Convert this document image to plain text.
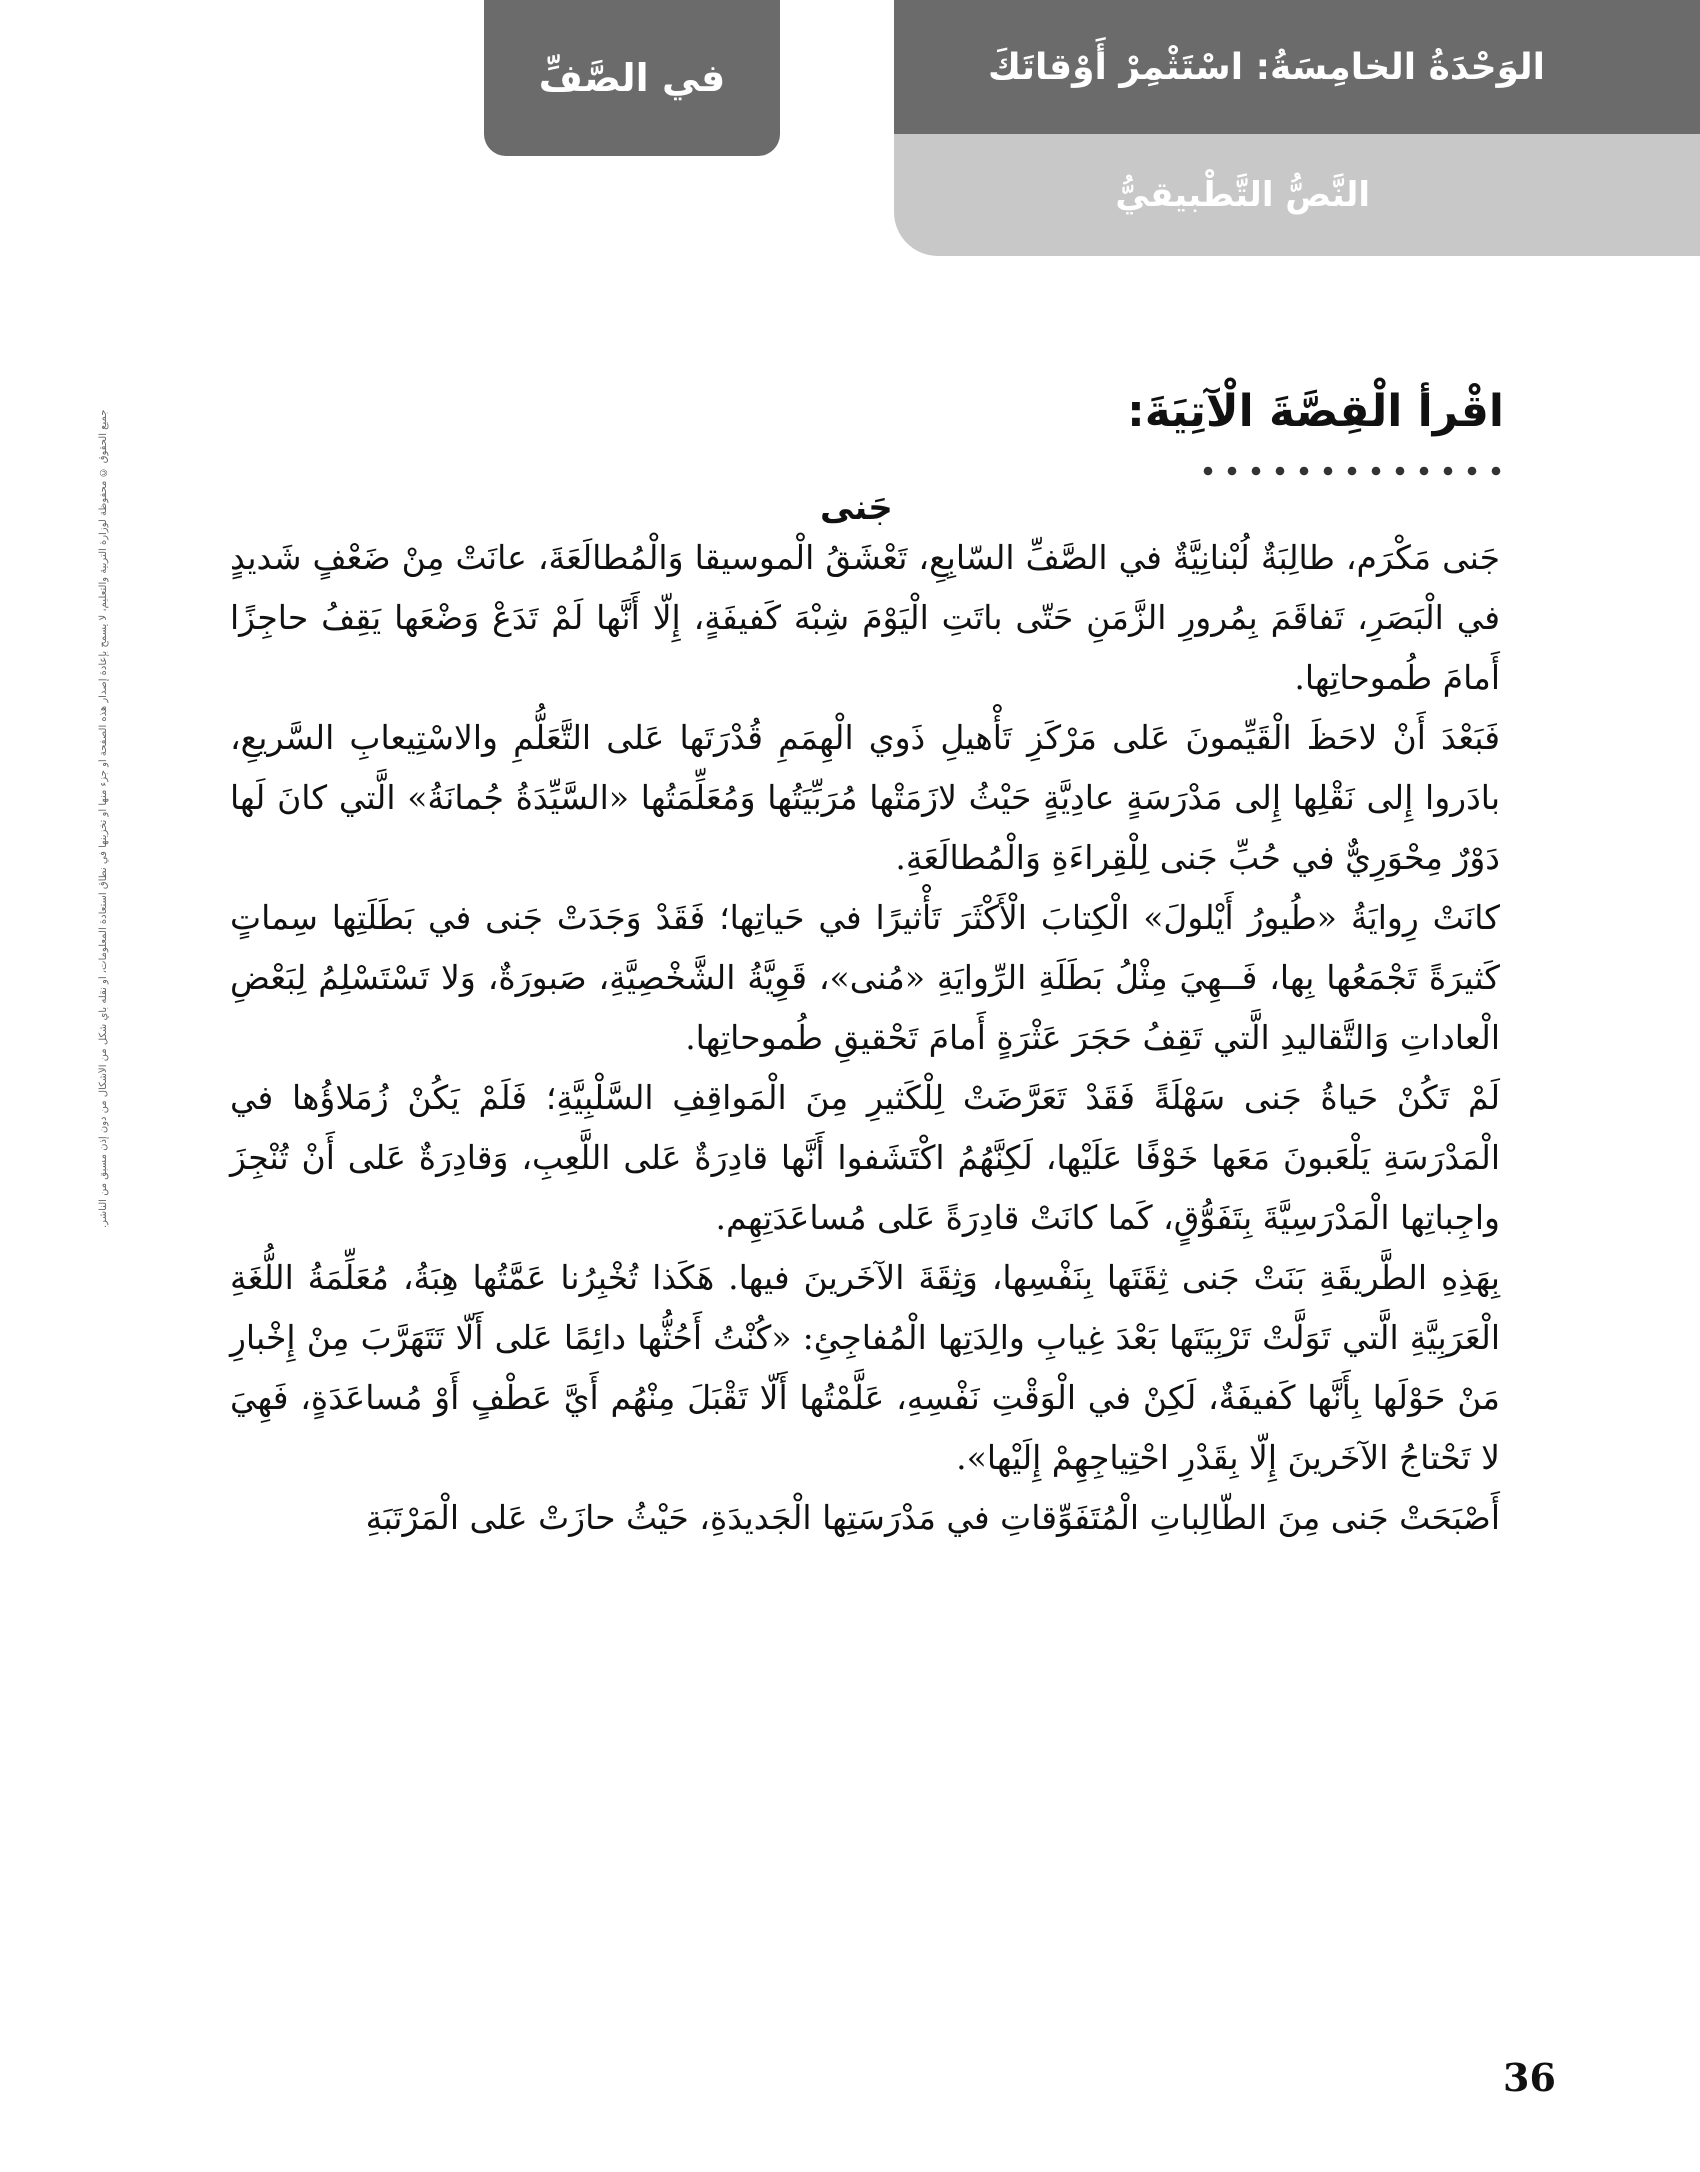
في الصَّفِّ	الوَحْدَةُ الخامِسَةُ: اسْتَثْمِرْ أَوْقاتَكَ
النَّصُّ التَّطْبيقيُّ
اقْرأ الْقِصَّةَ الْآتِيَةَ:
جَنى

جَنى مَكْرَم، طالِبَةٌ لُبْنانِيَّةٌ في الصَّفِّ السّابِعِ، تَعْشَقُ الْموسيقا وَالْمُطالَعَةَ، عانَتْ مِنْ ضَعْفٍ شَديدٍ في الْبَصَرِ، تَفاقَمَ بِمُرورِ الزَّمَنِ حَتّى باتَتِ الْيَوْمَ شِبْهَ كَفيفَةٍ، إِلّا أَنَّها لَمْ تَدَعْ وَضْعَها يَقِفُ حاجِزًا أَمامَ طُموحاتِها.

فَبَعْدَ أَنْ لاحَظَ الْقَيِّمونَ عَلى مَرْكَزِ تَأْهيلِ ذَوي الْهِمَمِ قُدْرَتَها عَلى التَّعَلُّمِ والاسْتِيعابِ السَّريعِ، بادَروا إِلى نَقْلِها إِلى مَدْرَسَةٍ عادِيَّةٍ حَيْثُ لازَمَتْها مُرَبِّيَتُها وَمُعَلِّمَتُها «السَّيِّدَةُ جُمانَةُ» الَّتي كانَ لَها دَوْرٌ مِحْوَرِيٌّ في حُبِّ جَنى لِلْقِراءَةِ وَالْمُطالَعَةِ.

كانَتْ رِوايَةُ «طُيورُ أَيْلولَ» الْكِتابَ الْأَكْثَرَ تَأْثيرًا في حَياتِها؛ فَقَدْ وَجَدَتْ جَنى في بَطَلَتِها سِماتٍ كَثيرَةً تَجْمَعُها بِها، فَــهِيَ مِثْلُ بَطَلَةِ الرِّوايَةِ «مُنى»، قَوِيَّةُ الشَّخْصِيَّةِ، صَبورَةٌ، وَلا تَسْتَسْلِمُ لِبَعْضِ الْعاداتِ وَالتَّقاليدِ الَّتي تَقِفُ حَجَرَ عَثْرَةٍ أَمامَ تَحْقيقِ طُموحاتِها.

لَمْ تَكُنْ حَياةُ جَنى سَهْلَةً فَقَدْ تَعَرَّضَتْ لِلْكَثيرِ مِنَ الْمَواقِفِ السَّلْبِيَّةِ؛ فَلَمْ يَكُنْ زُمَلاؤُها في الْمَدْرَسَةِ يَلْعَبونَ مَعَها خَوْفًا عَلَيْها، لَكِنَّهُمُ اكْتَشَفوا أَنَّها قادِرَةٌ عَلى اللَّعِبِ، وَقادِرَةٌ عَلى أَنْ تُنْجِزَ واجِباتِها الْمَدْرَسِيَّةَ بِتَفَوُّقٍ، كَما كانَتْ قادِرَةً عَلى مُساعَدَتِهِم.

بِهَذِهِ الطَّريقَةِ بَنَتْ جَنى ثِقَتَها بِنَفْسِها، وَثِقَةَ الآخَرينَ فيها. هَكَذا تُخْبِرُنا عَمَّتُها هِبَةُ، مُعَلِّمَةُ اللُّغَةِ الْعَرَبِيَّةِ الَّتي تَوَلَّتْ تَرْبِيَتَها بَعْدَ غِيابِ والِدَتِها الْمُفاجِئِ: «كُنْتُ أَحُثُّها دائِمًا عَلى أَلّا تَتَهَرَّبَ مِنْ إِخْبارِ مَنْ حَوْلَها بِأَنَّها كَفيفَةٌ، لَكِنْ في الْوَقْتِ نَفْسِهِ، عَلَّمْتُها أَلّا تَقْبَلَ مِنْهُم أَيَّ عَطْفٍ أَوْ مُساعَدَةٍ، فَهِيَ لا تَحْتاجُ الآخَرينَ إِلّا بِقَدْرِ احْتِياجِهِمْ إِلَيْها».

أَصْبَحَتْ جَنى مِنَ الطّالِباتِ الْمُتَفَوِّقاتِ في مَدْرَسَتِها الْجَديدَةِ، حَيْثُ حازَتْ عَلى الْمَرْتَبَةِ

جميع الحقوق © محفوظة لوزارة التربية والتعليم، لا يسمح بإعادة إصدار هذه الصفحة أو جزء منها أو تخزينها في نطاق استعادة المعلومات، أو نقله بأي شكل من الأشكال من دون إذن مسبق من الناشر.
36
